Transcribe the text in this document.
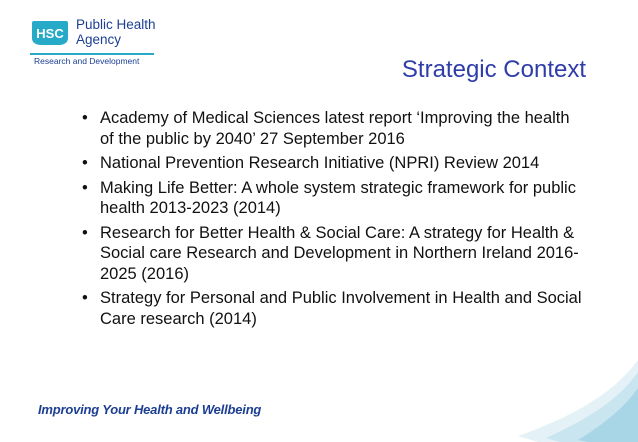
HSC
Public Health
Agency
Research and Development	Strategic Context
• Academy of Medical Sciences latest report ‘Improving the health of the public by 2040’ 27 September 2016
• National Prevention Research Initiative (NPRI) Review 2014
• Making Life Better: A whole system strategic framework for public health 2013-2023 (2014)
• Research for Better Health & Social Care: A strategy for Health & Social care Research and Development in Northern Ireland 2016-2025 (2016)
• Strategy for Personal and Public Involvement in Health and Social Care research (2014)
Improving Your Health and Wellbeing
